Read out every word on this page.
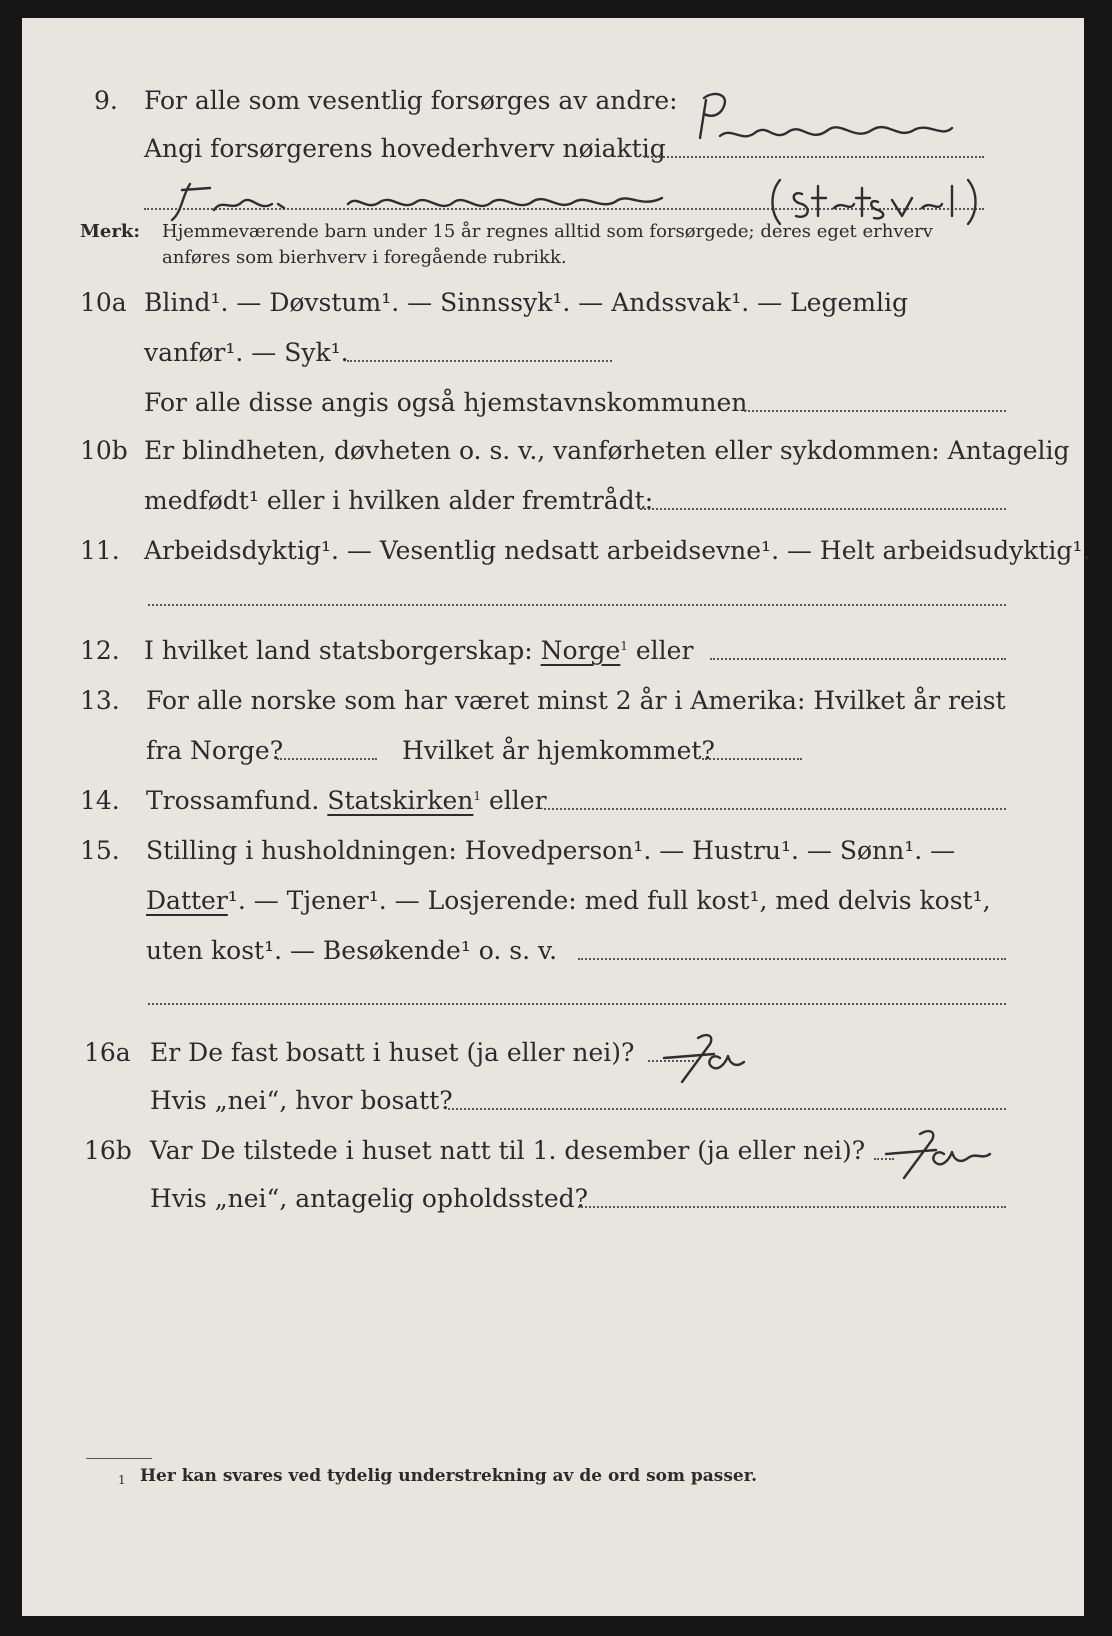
9. For alle som vesentlig forsørges av andre:
Angi forsørgerens hovederhverv nøiaktig
Merk: Hjemmeværende barn under 15 år regnes alltid som forsørgede; deres eget erhverv
anføres som bierhverv i foregående rubrikk.
10a Blind¹. — Døvstum¹. — Sinnssyk¹. — Andssvak¹. — Legemlig
vanfør¹. — Syk¹.
For alle disse angis også hjemstavnskommunen
10b Er blindheten, døvheten o. s. v., vanførheten eller sykdommen: Antagelig
medfødt¹ eller i hvilken alder fremtrådt:
11. Arbeidsdyktig¹. — Vesentlig nedsatt arbeidsevne¹. — Helt arbeidsudyktig¹.
12. I hvilket land statsborgerskap: Norge$^1$ eller
13. For alle norske som har været minst 2 år i Amerika: Hvilket år reist
fra Norge?	Hvilket år hjemkommet?
14. Trossamfund. Statskirken$^1$ eller
15. Stilling i husholdningen: Hovedperson¹. — Hustru¹. — Sønn¹. —
Datter¹. — Tjener¹. — Losjerende: med full kost¹, med delvis kost¹,
uten kost¹. — Besøkende¹ o. s. v.
16a Er De fast bosatt i huset (ja eller nei)?
Hvis „nei“, hvor bosatt?
16b Var De tilstede i huset natt til 1. desember (ja eller nei)?
Hvis „nei“, antagelig opholdssted?
1 Her kan svares ved tydelig understrekning av de ord som passer.
